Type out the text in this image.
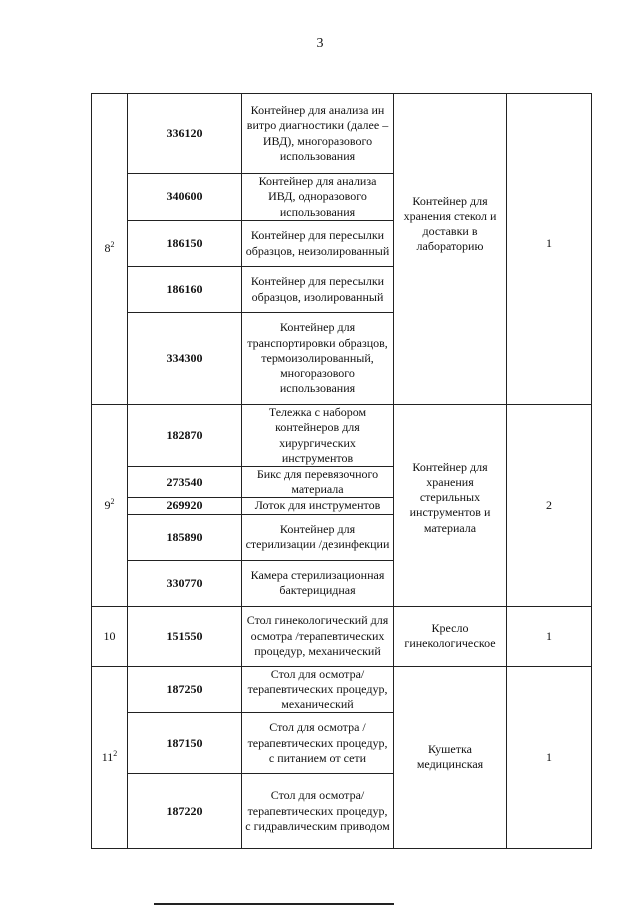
3
$8^2$	336120	Контейнер для анализа ин витро диагностики (далее – ИВД), многоразового использования	Контейнер для хранения стекол и доставки в лабораторию	1
	340600	Контейнер для анализа ИВД, одноразового использования		
	186150	Контейнер для пересылки образцов, неизолированный		
	186160	Контейнер для пересылки образцов, изолированный		
	334300	Контейнер для транспортировки образцов, термоизолированный, многоразового использования		
$9^2$	182870	Тележка с набором контейнеров для хирургических инструментов	Контейнер для хранения стерильных инструментов и материала	2
	273540	Бикс для перевязочного материала		
	269920	Лоток для инструментов		
	185890	Контейнер для стерилизации /дезинфекции		
	330770	Камера стерилизационная бактерицидная		
10	151550	Стол гинекологический для осмотра /терапевтических процедур, механический	Кресло гинекологическое	1
$11^2$	187250	Стол для осмотра/терапевтических процедур, механический	Кушетка медицинская	1
	187150	Стол для осмотра /терапевтических процедур, с питанием от сети		
	187220	Стол для осмотра/терапевтических процедур, с гидравлическим приводом		
